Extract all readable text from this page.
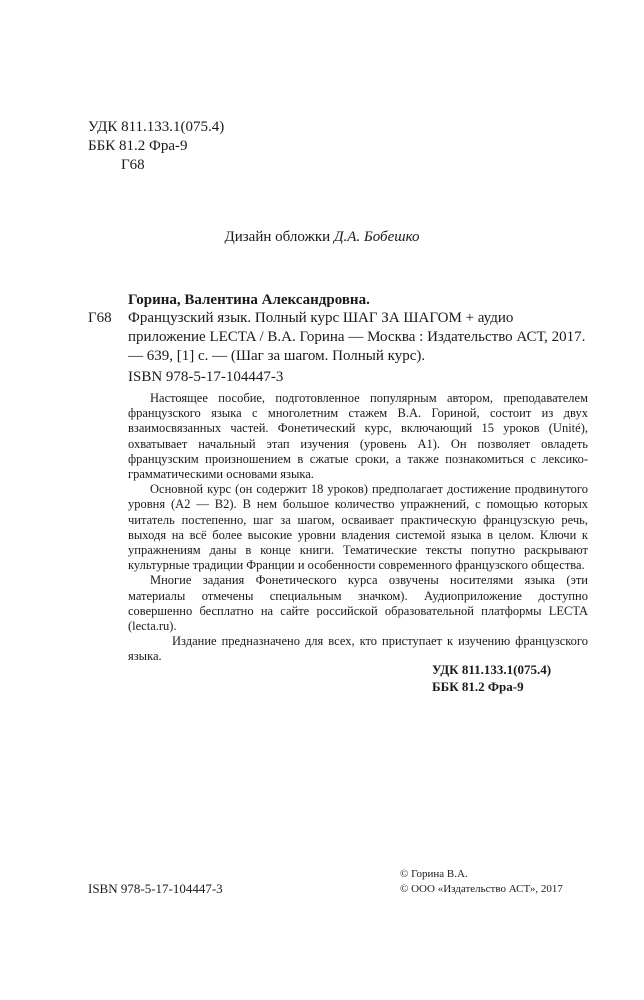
УДК 811.133.1(075.4)
ББК 81.2 Фра-9
Г68
Дизайн обложки Д.А. Бобешко
Горина, Валентина Александровна.
Г68 Французский язык. Полный курс ШАГ ЗА ШАГОМ + аудио приложение LECTA / В.А. Горина — Москва : Издательство АСТ, 2017. — 639, [1] с. — (Шаг за шагом. Полный курс).
ISBN 978-5-17-104447-3

Настоящее пособие, подготовленное популярным автором, преподавателем французского языка с многолетним стажем В.А. Гориной, состоит из двух взаимосвязанных частей. Фонетический курс, включающий 15 уроков (Unité), охватывает начальный этап изучения (уровень А1). Он позволяет овладеть французским произношением в сжатые сроки, а также познакомиться с лексико-грамматическими основами языка.

Основной курс (он содержит 18 уроков) предполагает достижение продвинутого уровня (А2 — В2). В нем большое количество упражнений, с помощью которых читатель постепенно, шаг за шагом, осваивает практическую французскую речь, выходя на всё более высокие уровни владения системой языка в целом. Ключи к упражнениям даны в конце книги. Тематические тексты попутно раскрывают культурные традиции Франции и особенности современного французского общества.

Многие задания Фонетического курса озвучены носителями языка (эти материалы отмечены специальным значком). Аудиоприложение доступно совершенно бесплатно на сайте российской образовательной платформы LECTA (lecta.ru).

Издание предназначено для всех, кто приступает к изучению французского языка.

УДК 811.133.1(075.4)
ББК 81.2 Фра-9
ISBN 978-5-17-104447-3
© Горина В.А.
© ООО «Издательство АСТ», 2017
